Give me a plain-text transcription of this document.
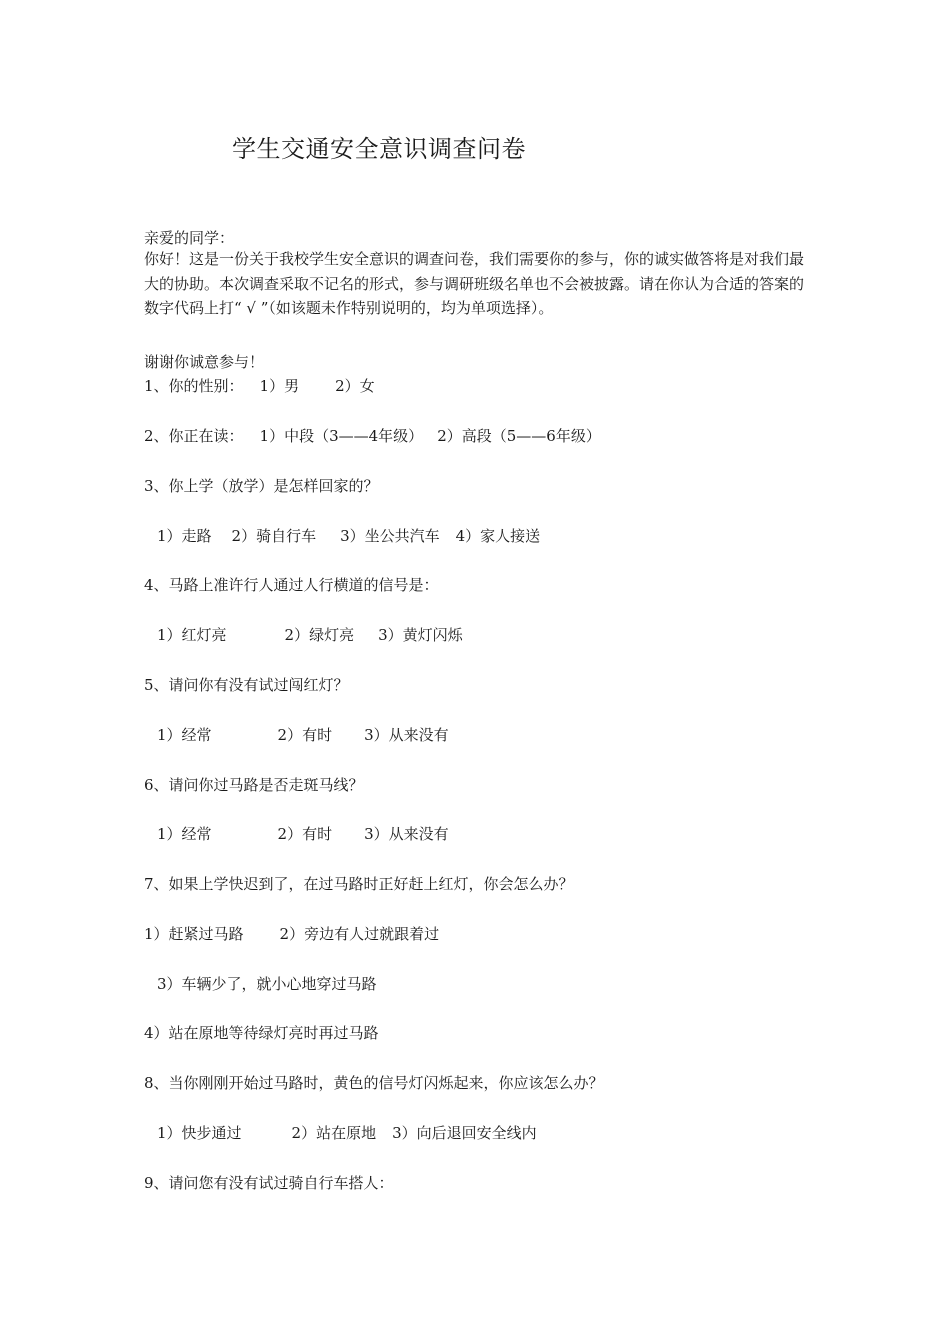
学生交通安全意识调查问卷
亲爱的同学：
你好！这是一份关于我校学生安全意识的调查问卷，我们需要你的参与，你的诚实做答将是对我们最大的协助。本次调查采取不记名的形式，参与调研班级名单也不会被披露。请在你认为合适的答案的数字代码上打“ √ ”（如该题未作特别说明的，均为单项选择）。
谢谢你诚意参与！
1、你的性别： 1）男 2）女
2、你正在读： 1）中段（3——4年级） 2）高段（5——6年级）
3、你上学（放学）是怎样回家的？
1）走路 2）骑自行车 3）坐公共汽车 4）家人接送
4、马路上准许行人通过人行横道的信号是：
1）红灯亮	2）绿灯亮 3）黄灯闪烁
5、请问你有没有试过闯红灯？
1）经常	2）有时 3）从来没有
6、请问你过马路是否走斑马线？
1）经常	2）有时 3）从来没有
7、如果上学快迟到了，在过马路时正好赶上红灯，你会怎么办？
1）赶紧过马路 2）旁边有人过就跟着过
3）车辆少了，就小心地穿过马路
4）站在原地等待绿灯亮时再过马路
8、当你刚刚开始过马路时，黄色的信号灯闪烁起来，你应该怎么办？
1）快步通过	2）站在原地 3）向后退回安全线内
9、请问您有没有试过骑自行车搭人：
